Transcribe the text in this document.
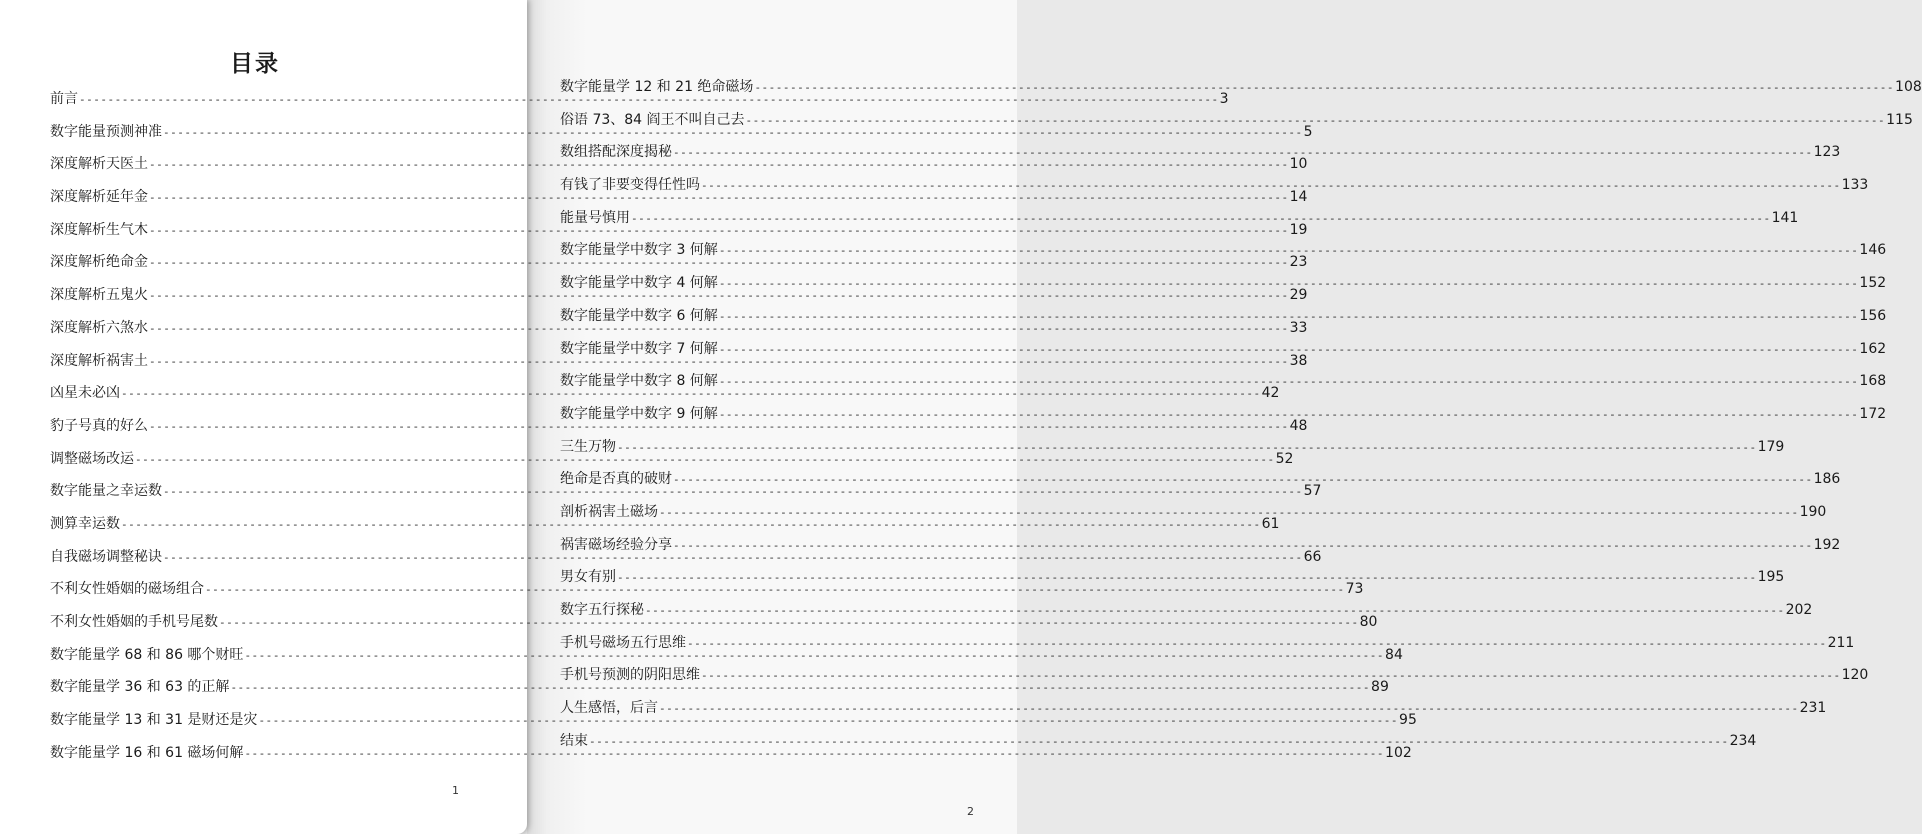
目录
前言 ---------------------------------------------------------------------------------------------------------------------------------------------------------------- 3
数字能量预测神准 ---------------------------------------------------------------------------------------------------------------------------------------------------------------- 5
深度解析天医土 ---------------------------------------------------------------------------------------------------------------------------------------------------------------- 10
深度解析延年金 ---------------------------------------------------------------------------------------------------------------------------------------------------------------- 14
深度解析生气木 ---------------------------------------------------------------------------------------------------------------------------------------------------------------- 19
深度解析绝命金 ---------------------------------------------------------------------------------------------------------------------------------------------------------------- 23
深度解析五鬼火 ---------------------------------------------------------------------------------------------------------------------------------------------------------------- 29
深度解析六煞水 ---------------------------------------------------------------------------------------------------------------------------------------------------------------- 33
深度解析祸害土 ---------------------------------------------------------------------------------------------------------------------------------------------------------------- 38
凶星未必凶 ---------------------------------------------------------------------------------------------------------------------------------------------------------------- 42
豹子号真的好么 ---------------------------------------------------------------------------------------------------------------------------------------------------------------- 48
调整磁场改运 ---------------------------------------------------------------------------------------------------------------------------------------------------------------- 52
数字能量之幸运数 ---------------------------------------------------------------------------------------------------------------------------------------------------------------- 57
测算幸运数 ---------------------------------------------------------------------------------------------------------------------------------------------------------------- 61
自我磁场调整秘诀 ---------------------------------------------------------------------------------------------------------------------------------------------------------------- 66
不利女性婚姻的磁场组合 ---------------------------------------------------------------------------------------------------------------------------------------------------------------- 73
不利女性婚姻的手机号尾数 ---------------------------------------------------------------------------------------------------------------------------------------------------------------- 80
数字能量学 68 和 86 哪个财旺 ---------------------------------------------------------------------------------------------------------------------------------------------------------------- 84
数字能量学 36 和 63 的正解 ---------------------------------------------------------------------------------------------------------------------------------------------------------------- 89
数字能量学 13 和 31 是财还是灾 ---------------------------------------------------------------------------------------------------------------------------------------------------------------- 95
数字能量学 16 和 61 磁场何解 ---------------------------------------------------------------------------------------------------------------------------------------------------------------- 102
1
数字能量学 12 和 21 绝命磁场 ---------------------------------------------------------------------------------------------------------------------------------------------------------------- 108
俗语 73、84 阎王不叫自己去 ---------------------------------------------------------------------------------------------------------------------------------------------------------------- 115
数组搭配深度揭秘 ---------------------------------------------------------------------------------------------------------------------------------------------------------------- 123
有钱了非要变得任性吗 ---------------------------------------------------------------------------------------------------------------------------------------------------------------- 133
能量号慎用 ---------------------------------------------------------------------------------------------------------------------------------------------------------------- 141
数字能量学中数字 3 何解 ---------------------------------------------------------------------------------------------------------------------------------------------------------------- 146
数字能量学中数字 4 何解 ---------------------------------------------------------------------------------------------------------------------------------------------------------------- 152
数字能量学中数字 6 何解 ---------------------------------------------------------------------------------------------------------------------------------------------------------------- 156
数字能量学中数字 7 何解 ---------------------------------------------------------------------------------------------------------------------------------------------------------------- 162
数字能量学中数字 8 何解 ---------------------------------------------------------------------------------------------------------------------------------------------------------------- 168
数字能量学中数字 9 何解 ---------------------------------------------------------------------------------------------------------------------------------------------------------------- 172
三生万物 ---------------------------------------------------------------------------------------------------------------------------------------------------------------- 179
绝命是否真的破财 ---------------------------------------------------------------------------------------------------------------------------------------------------------------- 186
剖析祸害土磁场 ---------------------------------------------------------------------------------------------------------------------------------------------------------------- 190
祸害磁场经验分享 ---------------------------------------------------------------------------------------------------------------------------------------------------------------- 192
男女有别 ---------------------------------------------------------------------------------------------------------------------------------------------------------------- 195
数字五行探秘 ---------------------------------------------------------------------------------------------------------------------------------------------------------------- 202
手机号磁场五行思维 ---------------------------------------------------------------------------------------------------------------------------------------------------------------- 211
手机号预测的阴阳思维 ---------------------------------------------------------------------------------------------------------------------------------------------------------------- 120
人生感悟，后言 ---------------------------------------------------------------------------------------------------------------------------------------------------------------- 231
结束 ---------------------------------------------------------------------------------------------------------------------------------------------------------------- 234
2
